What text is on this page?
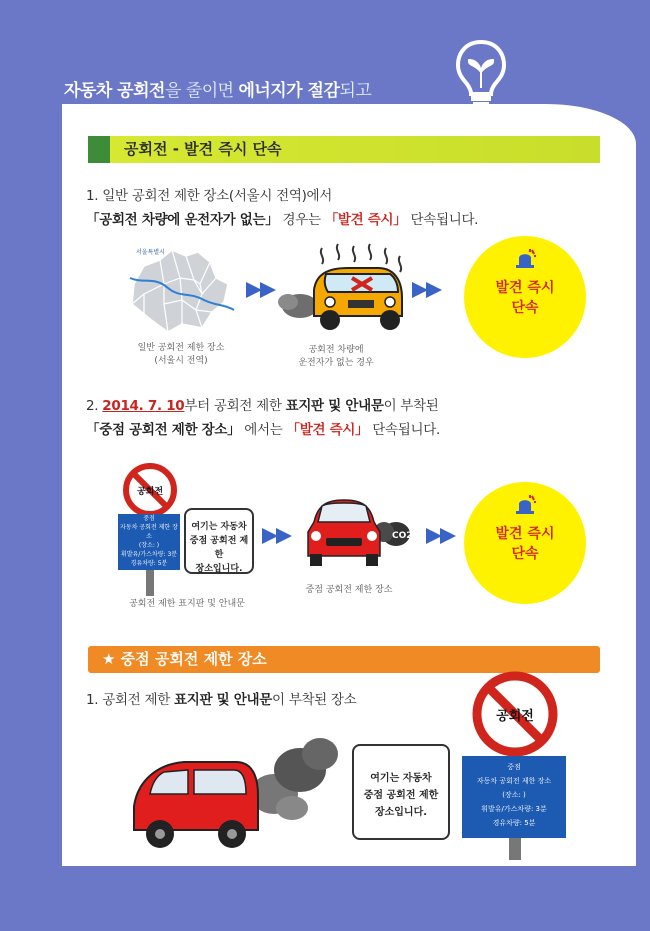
자동차 공회전을 줄이면 에너지가 절감되고
공회전 - 발견 즉시 단속
1. 일반 공회전 제한 장소(서울시 전역)에서
「공회전 차량에 운전자가 없는」 경우는 「발견 즉시」 단속됩니다.
서울특별시
일반 공회전 제한 장소
(서울시 전역)
공회전 차량에
운전자가 없는 경우
발견 즉시
단속
2. 2014. 7. 10부터 공회전 제한 표지판 및 안내문이 부착된
「중점 공회전 제한 장소」 에서는 「발견 즉시」 단속됩니다.
공회전
중점
자동차 공회전 제한 장소
(장소: )
휘발유/가스차량: 3분
경유차량: 5분
여기는 자동차
중점 공회전 제한
장소입니다.
공회전 제한 표지판 및 안내문
CO2
중점 공회전 제한 장소
발견 즉시
단속
★ 중점 공회전 제한 장소
1. 공회전 제한 표지판 및 안내문이 부착된 장소
여기는 자동차
중점 공회전 제한
장소입니다.
공회전
중점
자동차 공회전 제한 장소
(장소: )
휘발유/가스차량: 3분
경유차량: 5분
